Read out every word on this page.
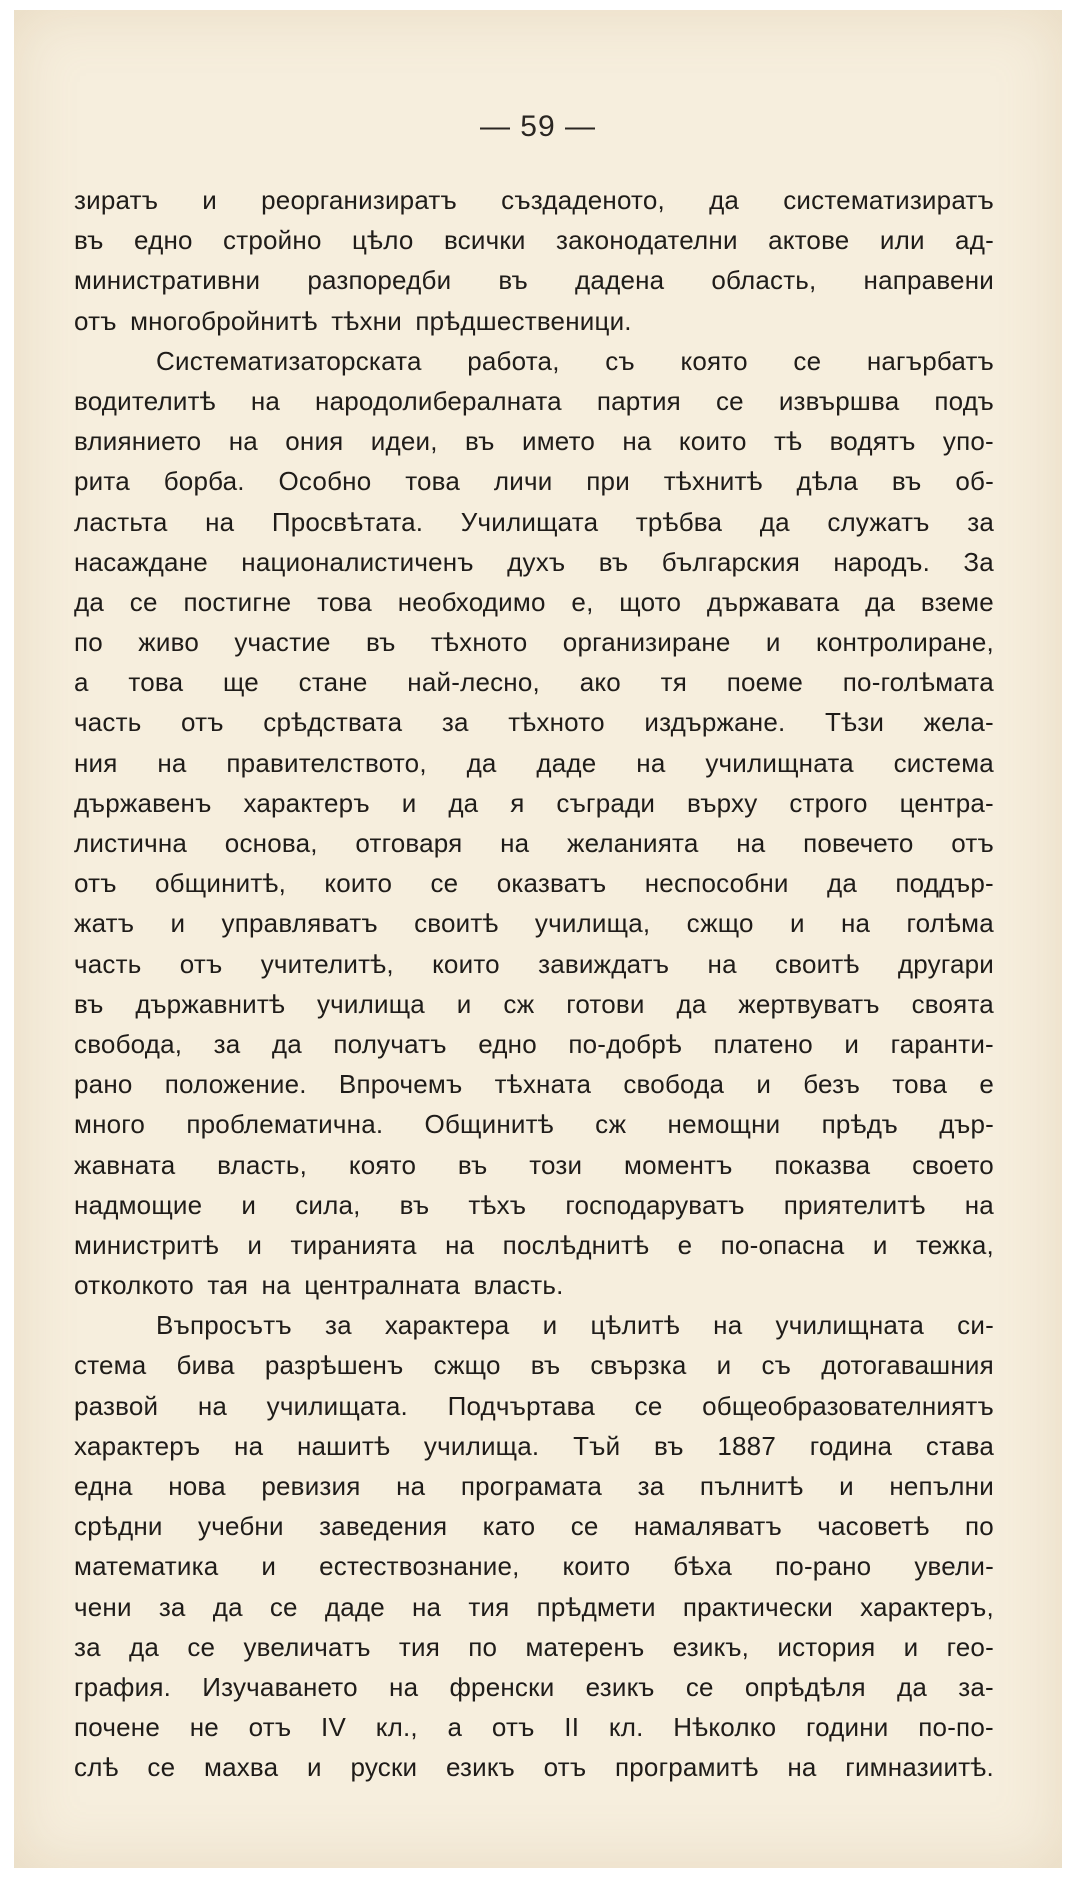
— 59 —
зиратъ и реорганизиратъ създаденото, да систематизиратъ
въ едно стройно цѣло всички законодателни актове или ад-
министративни разпоредби въ дадена область, направени
отъ многобройнитѣ тѣхни прѣдшественици.
Систематизаторската работа, съ която се нагърбатъ
водителитѣ на народолибералната партия се извършва подъ
влиянието на ония идеи, въ името на които тѣ водятъ упо-
рита борба. Особно това личи при тѣхнитѣ дѣла въ об-
ластьта на Просвѣтата. Училищата трѣбва да служатъ за
насаждане националистиченъ духъ въ българския народъ. За
да се постигне това необходимо е, щото държавата да вземе
по живо участие въ тѣхното организиране и контролиране,
а това ще стане най-лесно, ако тя поеме по-голѣмата
часть отъ срѣдствата за тѣхното издържане. Тѣзи жела-
ния на правителството, да даде на училищната система
държавенъ характеръ и да я съгради върху строго центра-
листична основа, отговаря на желанията на повечето отъ
отъ общинитѣ, които се оказватъ неспособни да поддър-
жатъ и управляватъ своитѣ училища, сжщо и на голѣма
часть отъ учителитѣ, които завиждатъ на своитѣ другари
въ държавнитѣ училища и сж готови да жертвуватъ своята
свобода, за да получатъ едно по-добрѣ платено и гаранти-
рано положение. Впрочемъ тѣхната свобода и безъ това е
много проблематична. Общинитѣ сж немощни прѣдъ дър-
жавната власть, която въ този моментъ показва своето
надмощие и сила, въ тѣхъ господаруватъ приятелитѣ на
министритѣ и тиранията на послѣднитѣ е по-опасна и тежка,
отколкото тая на централната власть.
Въпросътъ за характера и цѣлитѣ на училищната си-
стема бива разрѣшенъ сжщо въ свързка и съ дотогавашния
развой на училищата. Подчъртава се общеобразователниятъ
характеръ на нашитѣ училища. Тъй въ 1887 година става
една нова ревизия на програмата за пълнитѣ и непълни
срѣдни учебни заведения като се намаляватъ часоветѣ по
математика и естествознание, които бѣха по-рано увели-
чени за да се даде на тия прѣдмети практически характеръ,
за да се увеличатъ тия по матеренъ езикъ, история и гео-
графия. Изучаването на френски езикъ се опрѣдѣля да за-
почене не отъ IV кл., а отъ II кл. Нѣколко години по-по-
слѣ се махва и руски езикъ отъ програмитѣ на гимназиитѣ.
